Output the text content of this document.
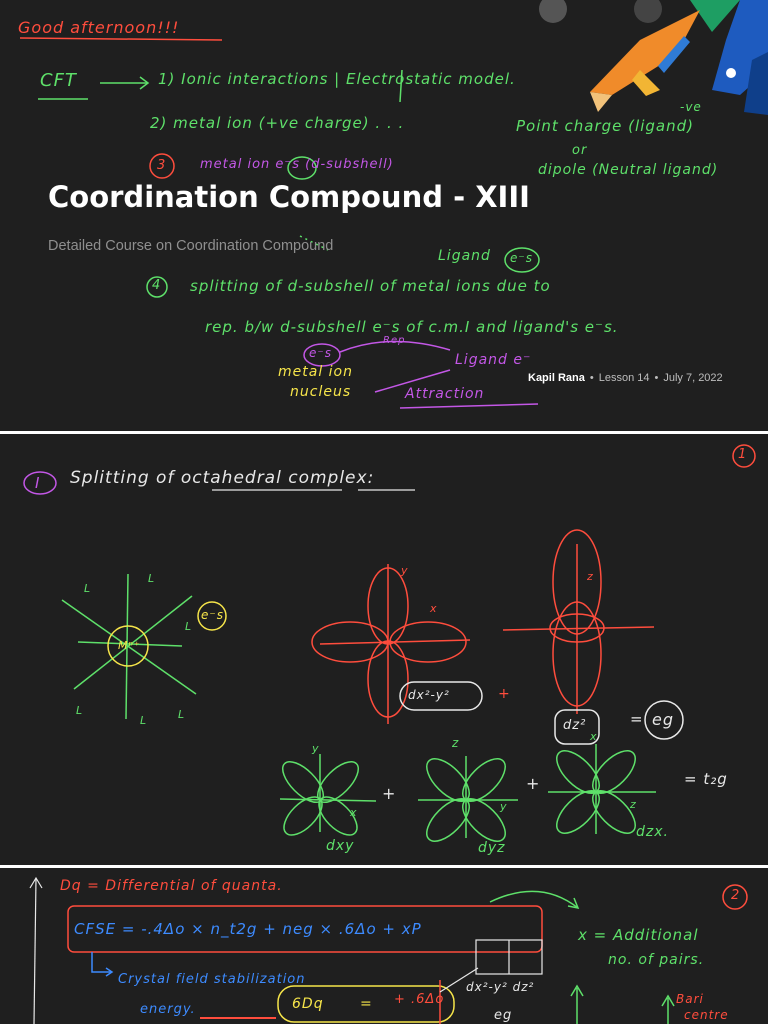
Good afternoon!!!
CFT	1) Ionic interactions | Electrostatic model.
2) metal ion (+ve charge) . . .	Point charge (ligand)
-ve
or
dipole (Neutral ligand)
3	metal ion e⁻s (d-subshell)
Coordination Compound - XIII
Detailed Course on Coordination Compound
Ligand e⁻s
4 splitting of d-subshell of metal ions due to
rep. b/w d-subshell e⁻s of c.m.I and ligand's e⁻s.
e⁻s
Rep
metal ion
nucleus
Ligand e⁻
Attraction
Kapil Rana • Lesson 14 • July 7, 2022
1
I Splitting of octahedral complex:
L
L
L
L
L	L
Mⁿ⁺
e⁻s
y
x
z
dx²-y²	+
dz²	= eg
y
x
+
z
y
+
x
z
= t₂g
dxy	dyz
dzx.
2
Dq = Differential of quanta.
CFSE = -.4Δo × n_t2g + neg × .6Δo + xP	x = Additional
no. of pairs.
Crystal field stabilization
energy.	6Dq	= + .6Δo
dx²-y² dz²
eg
Bari
centre
